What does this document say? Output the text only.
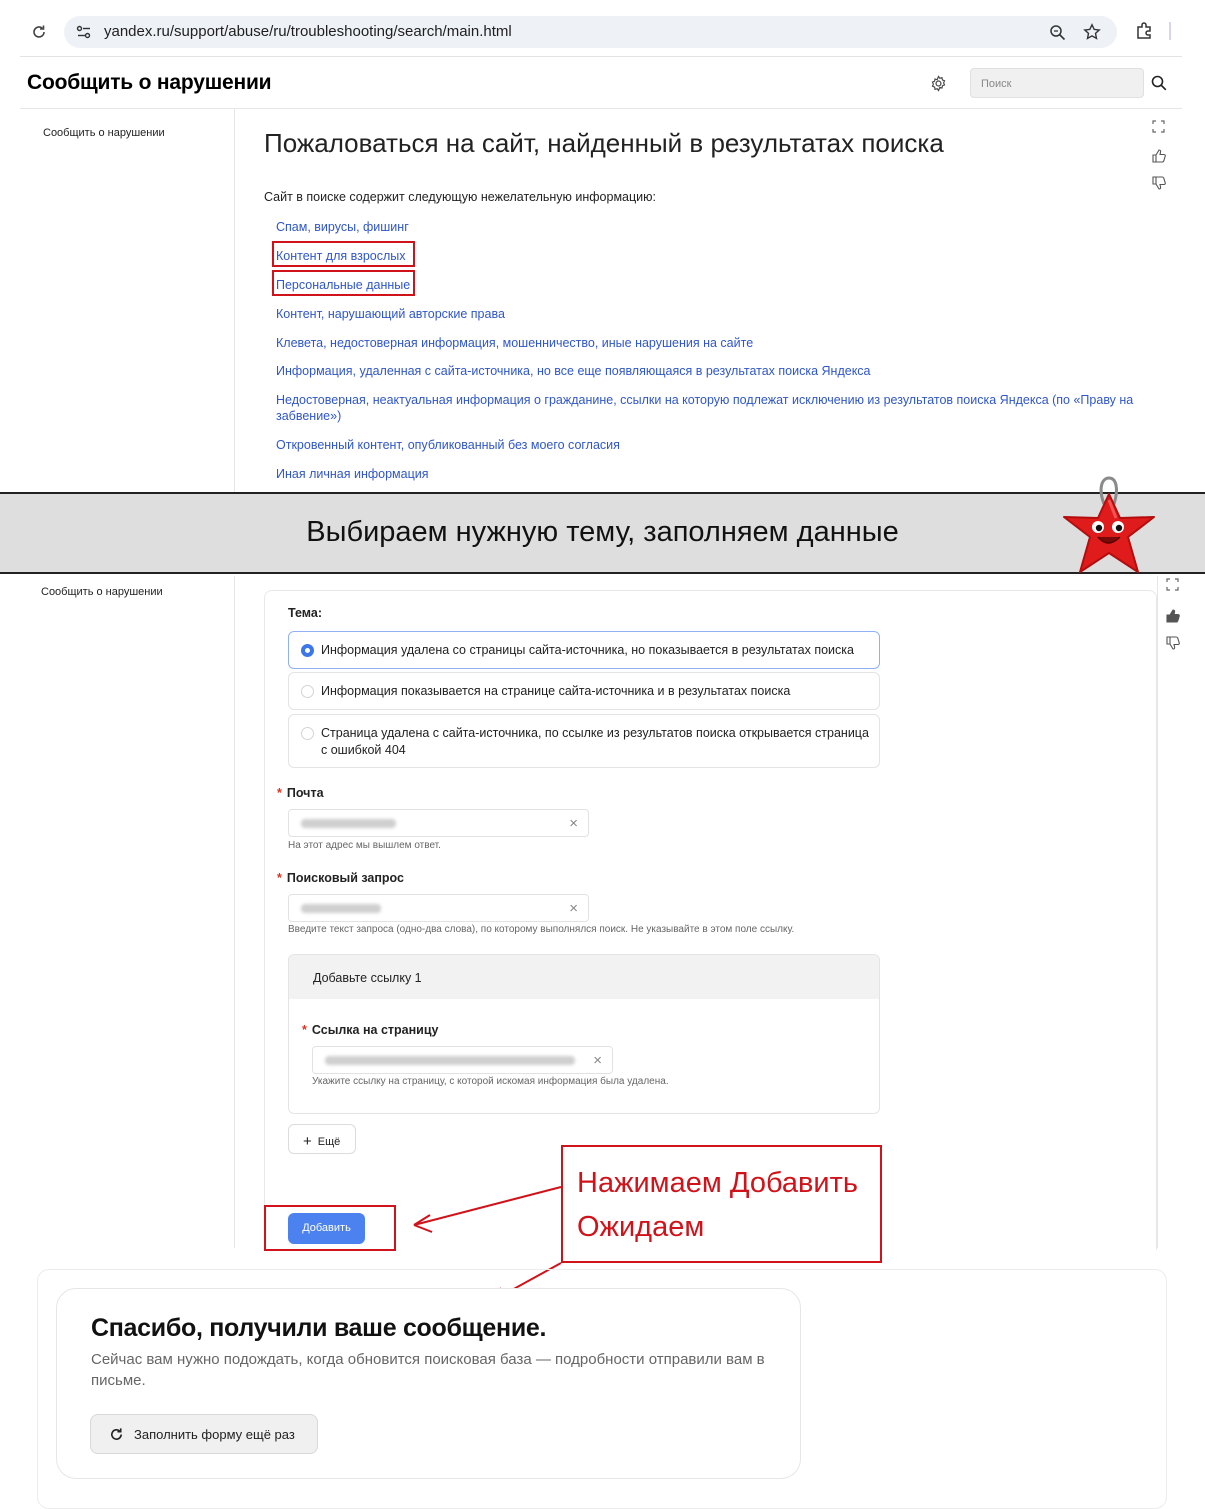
yandex.ru/support/abuse/ru/troubleshooting/search/main.html
Сообщить о нарушении	Поиск
Сообщить о нарушении	Пожаловаться на сайт, найденный в результатах поиска
Сайт в поиске содержит следующую нежелательную информацию:
Спам, вирусы, фишинг
Контент для взрослых
Персональные данные
Контент, нарушающий авторские права
Клевета, недостоверная информация, мошенничество, иные нарушения на сайте
Информация, удаленная с сайта-источника, но все еще появляющаяся в результатах поиска Яндекса
Недостоверная, неактуальная информация о гражданине, ссылки на которую подлежат исключению из результатов поиска Яндекса (по «Праву на забвение»)
Откровенный контент, опубликованный без моего согласия
Иная личная информация
Выбираем нужную тему, заполняем данные
Сообщить о нарушении
Тема:
Информация удалена со страницы сайта-источника, но показывается в результатах поиска
Информация показывается на странице сайта-источника и в результатах поиска
Страница удалена с сайта-источника, по ссылке из результатов поиска открывается страница с ошибкой 404
* Почта
×
На этот адрес мы вышлем ответ.
* Поисковый запрос
×
Введите текст запроса (одно-два слова), по которому выполнялся поиск. Не указывайте в этом поле ссылку.
Добавьте ссылку 1
* Ссылка на страницу
×
Укажите ссылку на страницу, с которой искомая информация была удалена.
+ Ещё
Добавить
Нажимаем Добавить
Ожидаем
Спасибо, получили ваше сообщение.
Сейчас вам нужно подождать, когда обновится поисковая база — подробности отправили вам в письме.
Заполнить форму ещё раз
